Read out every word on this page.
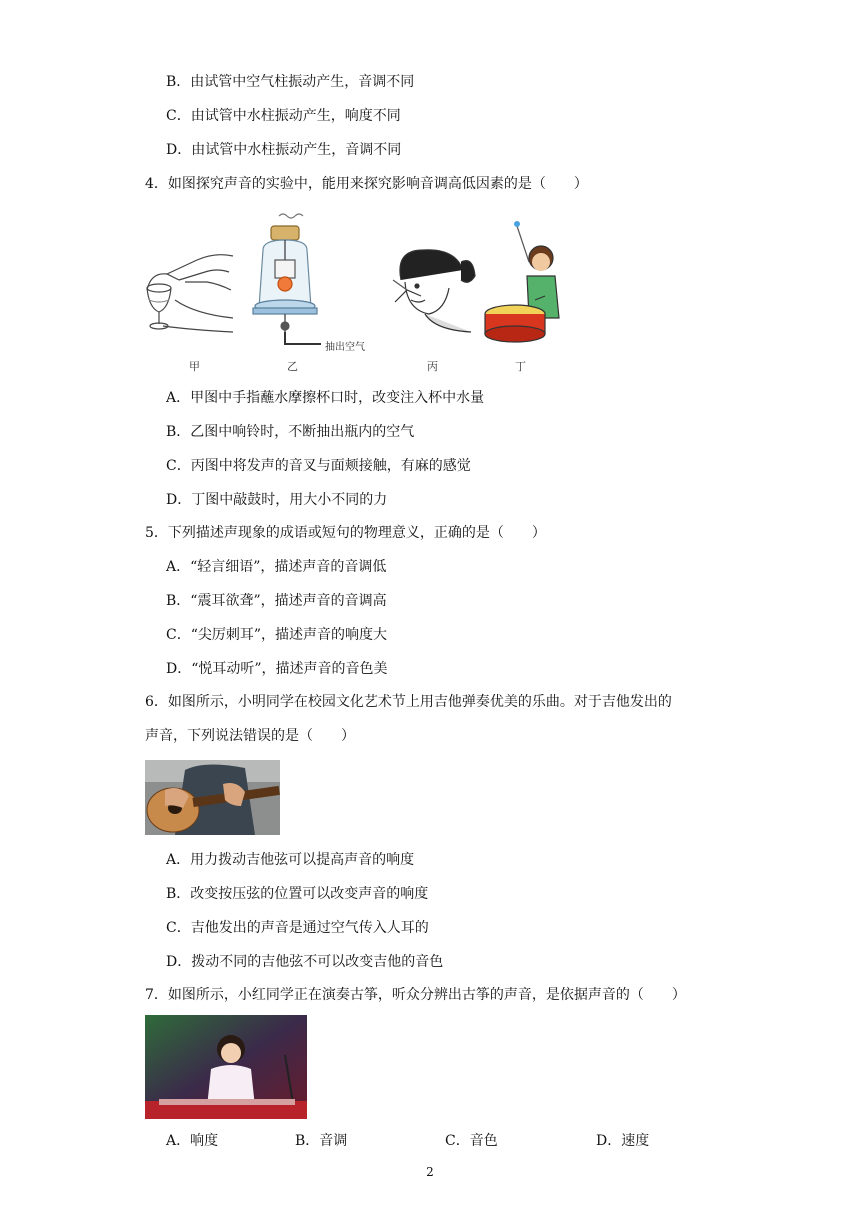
B．由试管中空气柱振动产生，音调不同
C．由试管中水柱振动产生，响度不同
D．由试管中水柱振动产生，音调不同
4．如图探究声音的实验中，能用来探究影响音调高低因素的是（　　）
抽出空气
甲	乙	丙	丁
A．甲图中手指蘸水摩擦杯口时，改变注入杯中水量
B．乙图中响铃时，不断抽出瓶内的空气
C．丙图中将发声的音叉与面颊接触，有麻的感觉
D．丁图中敲鼓时，用大小不同的力
5．下列描述声现象的成语或短句的物理意义，正确的是（　　）
A．“轻言细语”，描述声音的音调低
B．“震耳欲聋”，描述声音的音调高
C．“尖厉刺耳”，描述声音的响度大
D．“悦耳动听”，描述声音的音色美
6．如图所示，小明同学在校园文化艺术节上用吉他弹奏优美的乐曲。对于吉他发出的
声音，下列说法错误的是（　　）
A．用力拨动吉他弦可以提高声音的响度
B．改变按压弦的位置可以改变声音的响度
C．吉他发出的声音是通过空气传入人耳的
D．拨动不同的吉他弦不可以改变吉他的音色
7．如图所示，小红同学正在演奏古筝，听众分辨出古筝的声音，是依据声音的（　　）
A．响度	B．音调	C．音色	D．速度
2
